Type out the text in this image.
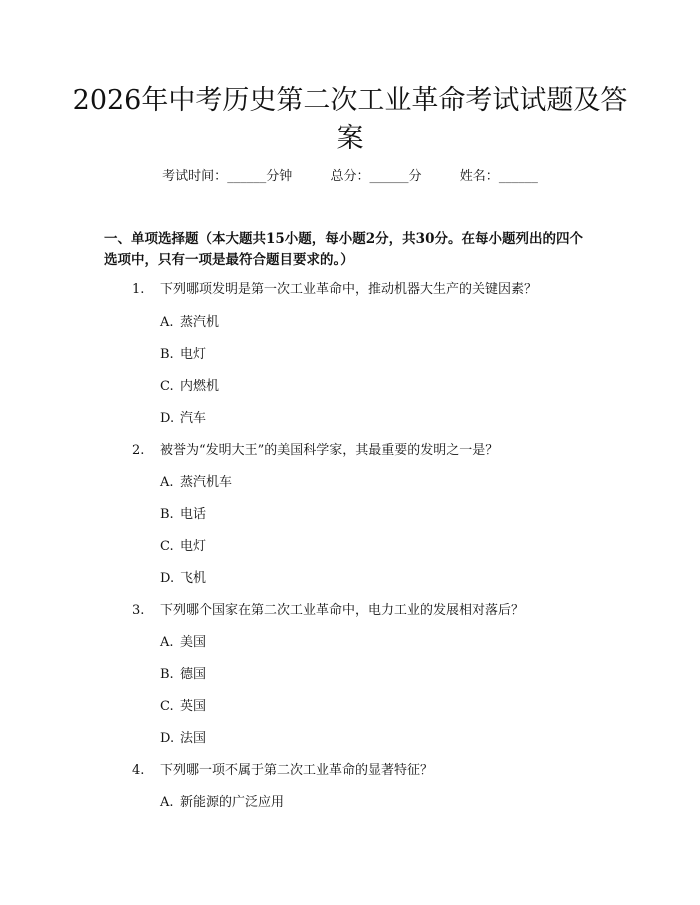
2026年中考历史第二次工业革命考试试题及答案
考试时间：______分钟	总分：______分	姓名：______

一、单项选择题（本大题共15小题，每小题2分，共30分。在每小题列出的四个选项中，只有一项是最符合题目要求的。）

1. 下列哪项发明是第一次工业革命中，推动机器大生产的关键因素？
A. 蒸汽机
B. 电灯
C. 内燃机
D. 汽车
2. 被誉为“发明大王”的美国科学家，其最重要的发明之一是？
A. 蒸汽机车
B. 电话
C. 电灯
D. 飞机
3. 下列哪个国家在第二次工业革命中，电力工业的发展相对落后？
A. 美国
B. 德国
C. 英国
D. 法国
4. 下列哪一项不属于第二次工业革命的显著特征？
A. 新能源的广泛应用
